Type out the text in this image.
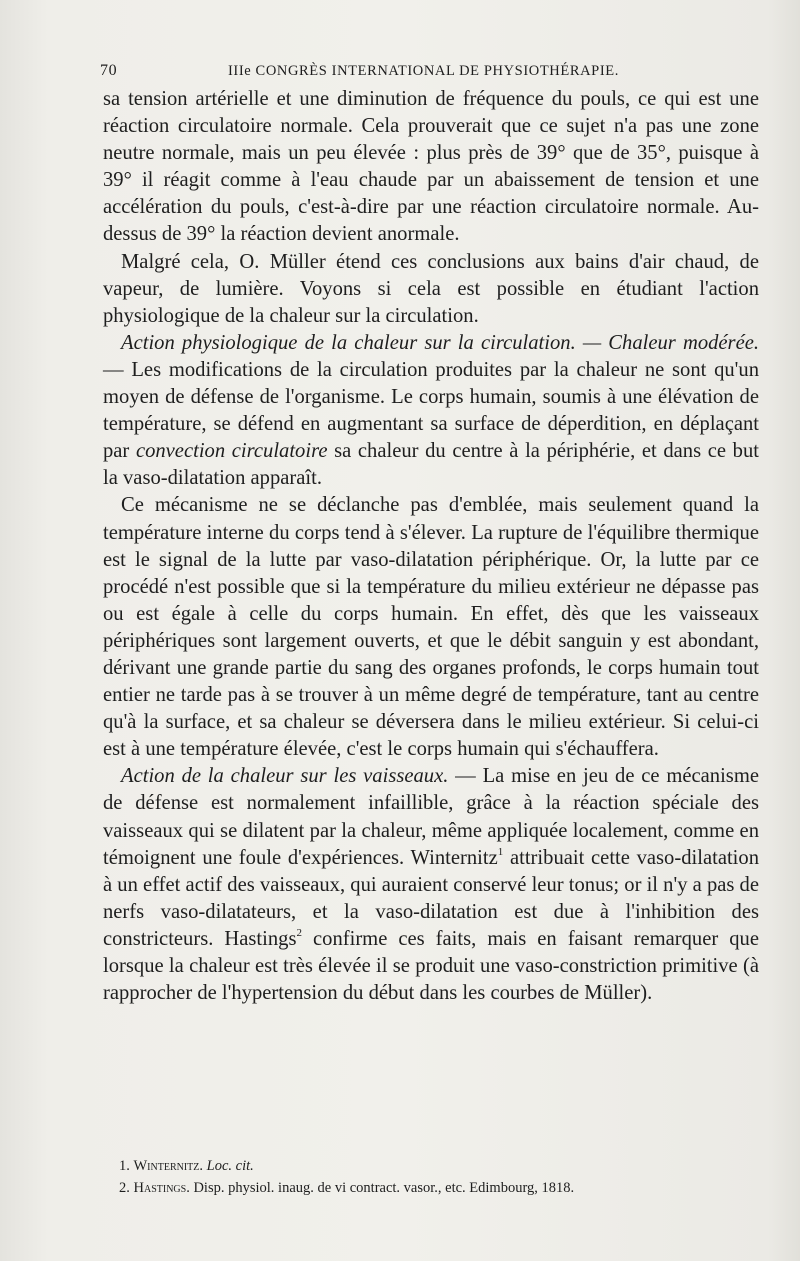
70	IIIe CONGRÈS INTERNATIONAL DE PHYSIOTHÉRAPIE.

sa tension artérielle et une diminution de fréquence du pouls, ce qui est une réaction circulatoire normale. Cela prouverait que ce sujet n'a pas une zone neutre normale, mais un peu élevée : plus près de 39° que de 35°, puisque à 39° il réagit comme à l'eau chaude par un abaissement de tension et une accélération du pouls, c'est-à-dire par une réaction circulatoire normale. Au-dessus de 39° la réaction devient anormale.

Malgré cela, O. Müller étend ces conclusions aux bains d'air chaud, de vapeur, de lumière. Voyons si cela est possible en étudiant l'action physiologique de la chaleur sur la circulation.

Action physiologique de la chaleur sur la circulation. — Chaleur modérée. — Les modifications de la circulation produites par la chaleur ne sont qu'un moyen de défense de l'organisme. Le corps humain, soumis à une élévation de température, se défend en augmentant sa surface de déperdition, en déplaçant par convection circulatoire sa chaleur du centre à la périphérie, et dans ce but la vaso-dilatation apparaît.

Ce mécanisme ne se déclanche pas d'emblée, mais seulement quand la température interne du corps tend à s'élever. La rupture de l'équilibre thermique est le signal de la lutte par vaso-dilatation périphérique. Or, la lutte par ce procédé n'est possible que si la température du milieu extérieur ne dépasse pas ou est égale à celle du corps humain. En effet, dès que les vaisseaux périphériques sont largement ouverts, et que le débit sanguin y est abondant, dérivant une grande partie du sang des organes profonds, le corps humain tout entier ne tarde pas à se trouver à un même degré de température, tant au centre qu'à la surface, et sa chaleur se déversera dans le milieu extérieur. Si celui-ci est à une température élevée, c'est le corps humain qui s'échauffera.

Action de la chaleur sur les vaisseaux. — La mise en jeu de ce mécanisme de défense est normalement infaillible, grâce à la réaction spéciale des vaisseaux qui se dilatent par la chaleur, même appliquée localement, comme en témoignent une foule d'expériences. Winternitz$^1$ attribuait cette vaso-dilatation à un effet actif des vaisseaux, qui auraient conservé leur tonus; or il n'y a pas de nerfs vaso-dilatateurs, et la vaso-dilatation est due à l'inhibition des constricteurs. Hastings$^2$ confirme ces faits, mais en faisant remarquer que lorsque la chaleur est très élevée il se produit une vaso-constriction primitive (à rapprocher de l'hypertension du début dans les courbes de Müller).

1. Winternitz. Loc. cit.

2. Hastings. Disp. physiol. inaug. de vi contract. vasor., etc. Edimbourg, 1818.
